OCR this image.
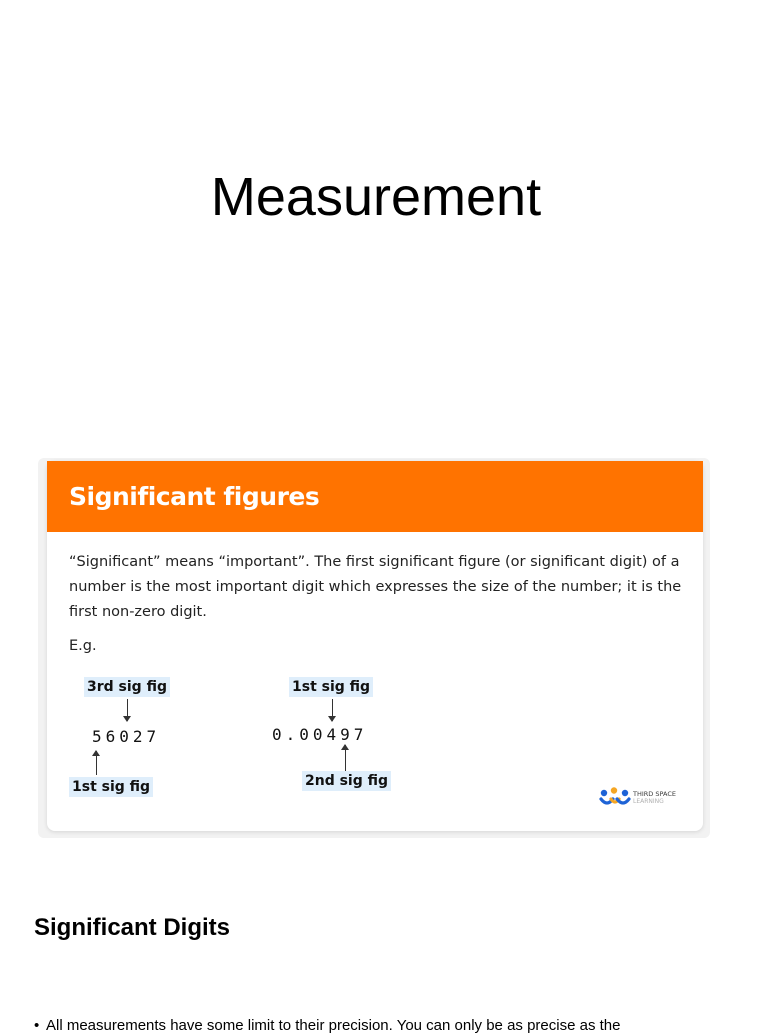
Measurement
Significant figures
“Significant” means “important”. The first significant figure (or significant digit) of a number is the most important digit which expresses the size of the number; it is the first non-zero digit.
E.g.
3rd sig fig
56027
1st sig fig
1st sig fig
0.00497
2nd sig fig
THIRD SPACE
LEARNING
Significant Digits
• All measurements have some limit to their precision. You can only be as precise as the
